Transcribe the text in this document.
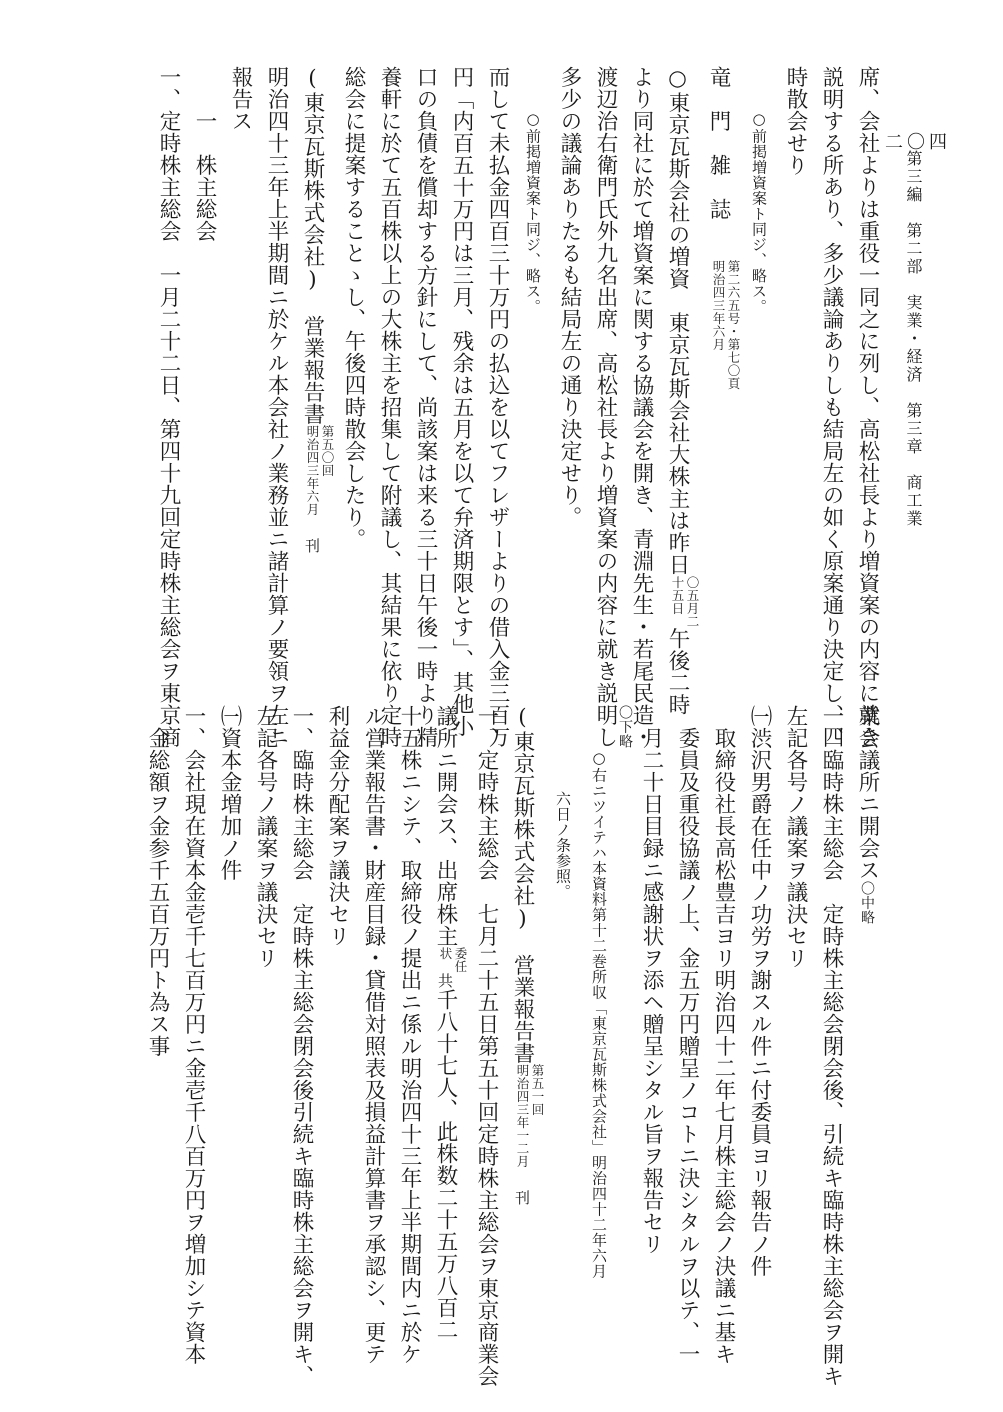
二〇四
第三編　第二部　実業・経済　第三章　商工業
席、会社よりは重役一同之に列し、高松社長より増資案の内容に就き
説明する所あり、多少議論ありしも結局左の如く原案通り決定し、四
時散会せり
○前掲増資案ト同ジ、略ス。
竜　門　雑　誌
第二六五号・第七〇頁
明治四三年六月
○東京瓦斯会社の増資　東京瓦斯会社大株主は昨日
〇五月二
十五日
午後二時
より同社に於て増資案に関する協議会を開き、青淵先生・若尾民造・
渡辺治右衛門氏外九名出席、高松社長より増資案の内容に就き説明し
多少の議論ありたるも結局左の通り決定せり。
○前掲増資案ト同ジ、略ス。
而して未払金四百三十万円の払込を以てフレザーよりの借入金三百万
円「内百五十万円は三月、残余は五月を以て弁済期限とす」、其他小
口の負債を償却する方針にして、尚該案は来る三十日午後一時より精
養軒に於て五百株以上の大株主を招集して附議し、其結果に依り定時
総会に提案することゝし、午後四時散会したり。
(東京瓦斯株式会社)　営業報告書
第五〇回
明治四三年六月
刊
明治四十三年上半期間ニ於ケル本会社ノ業務並ニ諸計算ノ要領ヲ左ニ
報告ス
一　株主総会
一、定時株主総会　一月二十二日、第四十九回定時株主総会ヲ東京商
業会議所ニ開会ス〇中略
一、臨時株主総会　定時株主総会閉会後、引続キ臨時株主総会ヲ開キ
左記各号ノ議案ヲ議決セリ
㈠渋沢男爵在任中ノ功労ヲ謝スル件ニ付委員ヨリ報告ノ件
取締役社長高松豊吉ヨリ明治四十二年七月株主総会ノ決議ニ基キ
委員及重役協議ノ上、金五万円贈呈ノコトニ決シタルヲ以テ、一
月二十日目録ニ感謝状ヲ添ヘ贈呈シタル旨ヲ報告セリ
〇下略
○右ニツイテハ本資料第十二巻所収「東京瓦斯株式会社」明治四十二年六月
六日ノ条参照。
(東京瓦斯株式会社)　営業報告書
第五一回
明治四三年一二月
刊
一、定時株主総会　七月二十五日第五十回定時株主総会ヲ東京商業会
議所ニ開会ス、出席株主
委任
状
共千八十七人、此株数二十五万八百二
十五株ニシテ、取締役ノ提出ニ係ル明治四十三年上半期間内ニ於ケ
ル営業報告書・財産目録・貸借対照表及損益計算書ヲ承認シ、更テ
利益金分配案ヲ議決セリ
一、臨時株主総会　定時株主総会閉会後引続キ臨時株主総会ヲ開キ、
左記各号ノ議案ヲ議決セリ
㈠資本金増加ノ件
一、会社現在資本金壱千七百万円ニ金壱千八百万円ヲ増加シテ資本
金総額ヲ金参千五百万円ト為ス事
